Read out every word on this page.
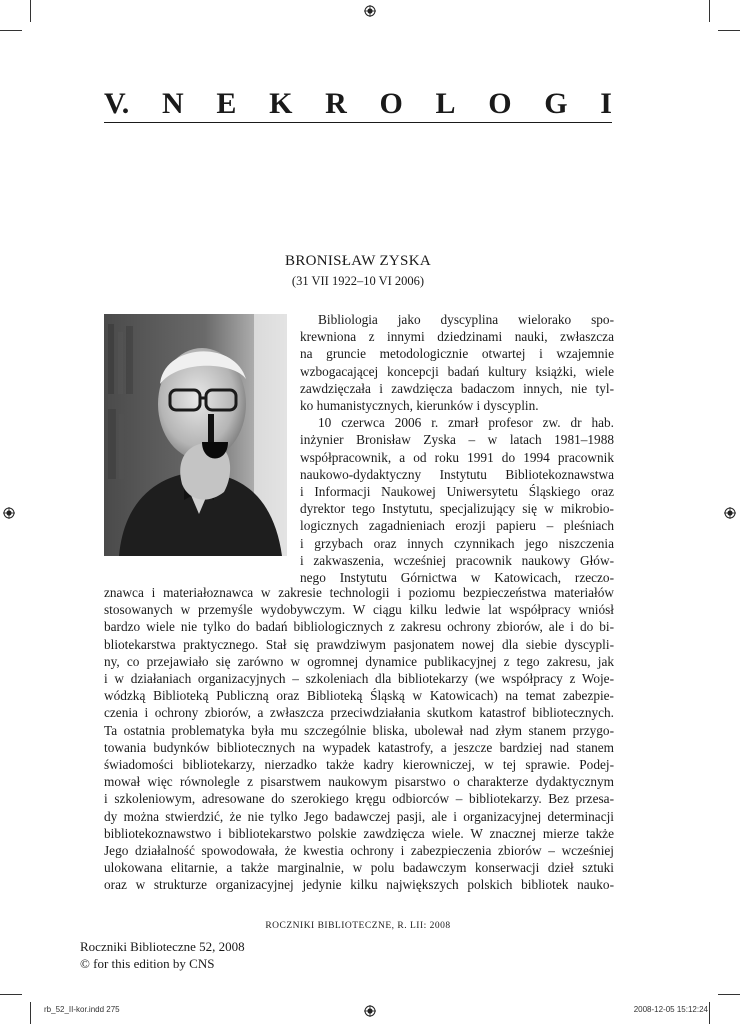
V. N E K R O L O G I
BRONISŁAW ZYSKA
(31 VII 1922–10 VI 2006)
Bibliologia jako dyscyplina wielorako spo-
krewniona z innymi dziedzinami nauki, zwłaszcza
na gruncie metodologicznie otwartej i wzajemnie
wzbogacającej koncepcji badań kultury książki, wiele
zawdzięczała i zawdzięcza badaczom innych, nie tyl-
ko humanistycznych, kierunków i dyscyplin.
10 czerwca 2006 r. zmarł profesor zw. dr hab.
inżynier Bronisław Zyska – w latach 1981–1988
współpracownik, a od roku 1991 do 1994 pracownik
naukowo-dydaktyczny Instytutu Bibliotekoznawstwa
i Informacji Naukowej Uniwersytetu Śląskiego oraz
dyrektor tego Instytutu, specjalizujący się w mikrobio-
logicznych zagadnieniach erozji papieru – pleśniach
i grzybach oraz innych czynnikach jego niszczenia
i zakwaszenia, wcześniej pracownik naukowy Głów-
nego Instytutu Górnictwa w Katowicach, rzeczo-
znawca i materiałoznawca w zakresie technologii i poziomu bezpieczeństwa materiałów
stosowanych w przemyśle wydobywczym. W ciągu kilku ledwie lat współpracy wniósł
bardzo wiele nie tylko do badań bibliologicznych z zakresu ochrony zbiorów, ale i do bi-
bliotekarstwa praktycznego. Stał się prawdziwym pasjonatem nowej dla siebie dyscypli-
ny, co przejawiało się zarówno w ogromnej dynamice publikacyjnej z tego zakresu, jak
i w działaniach organizacyjnych – szkoleniach dla bibliotekarzy (we współpracy z Woje-
wódzką Biblioteką Publiczną oraz Biblioteką Śląską w Katowicach) na temat zabezpie-
czenia i ochrony zbiorów, a zwłaszcza przeciwdziałania skutkom katastrof bibliotecznych.
Ta ostatnia problematyka była mu szczególnie bliska, ubolewał nad złym stanem przygo-
towania budynków bibliotecznych na wypadek katastrofy, a jeszcze bardziej nad stanem
świadomości bibliotekarzy, nierzadko także kadry kierowniczej, w tej sprawie. Podej-
mował więc równolegle z pisarstwem naukowym pisarstwo o charakterze dydaktycznym
i szkoleniowym, adresowane do szerokiego kręgu odbiorców – bibliotekarzy. Bez przesa-
dy można stwierdzić, że nie tylko Jego badawczej pasji, ale i organizacyjnej determinacji
bibliotekoznawstwo i bibliotekarstwo polskie zawdzięcza wiele. W znacznej mierze także
Jego działalność spowodowała, że kwestia ochrony i zabezpieczenia zbiorów – wcześniej
ulokowana elitarnie, a także marginalnie, w polu badawczym konserwacji dzieł sztuki
oraz w strukturze organizacyjnej jedynie kilku największych polskich bibliotek nauko-
ROCZNIKI BIBLIOTECZNE, R. LII: 2008
Roczniki Biblioteczne 52, 2008
© for this edition by CNS
rb_52_II-kor.indd 275	2008-12-05 15:12:24
